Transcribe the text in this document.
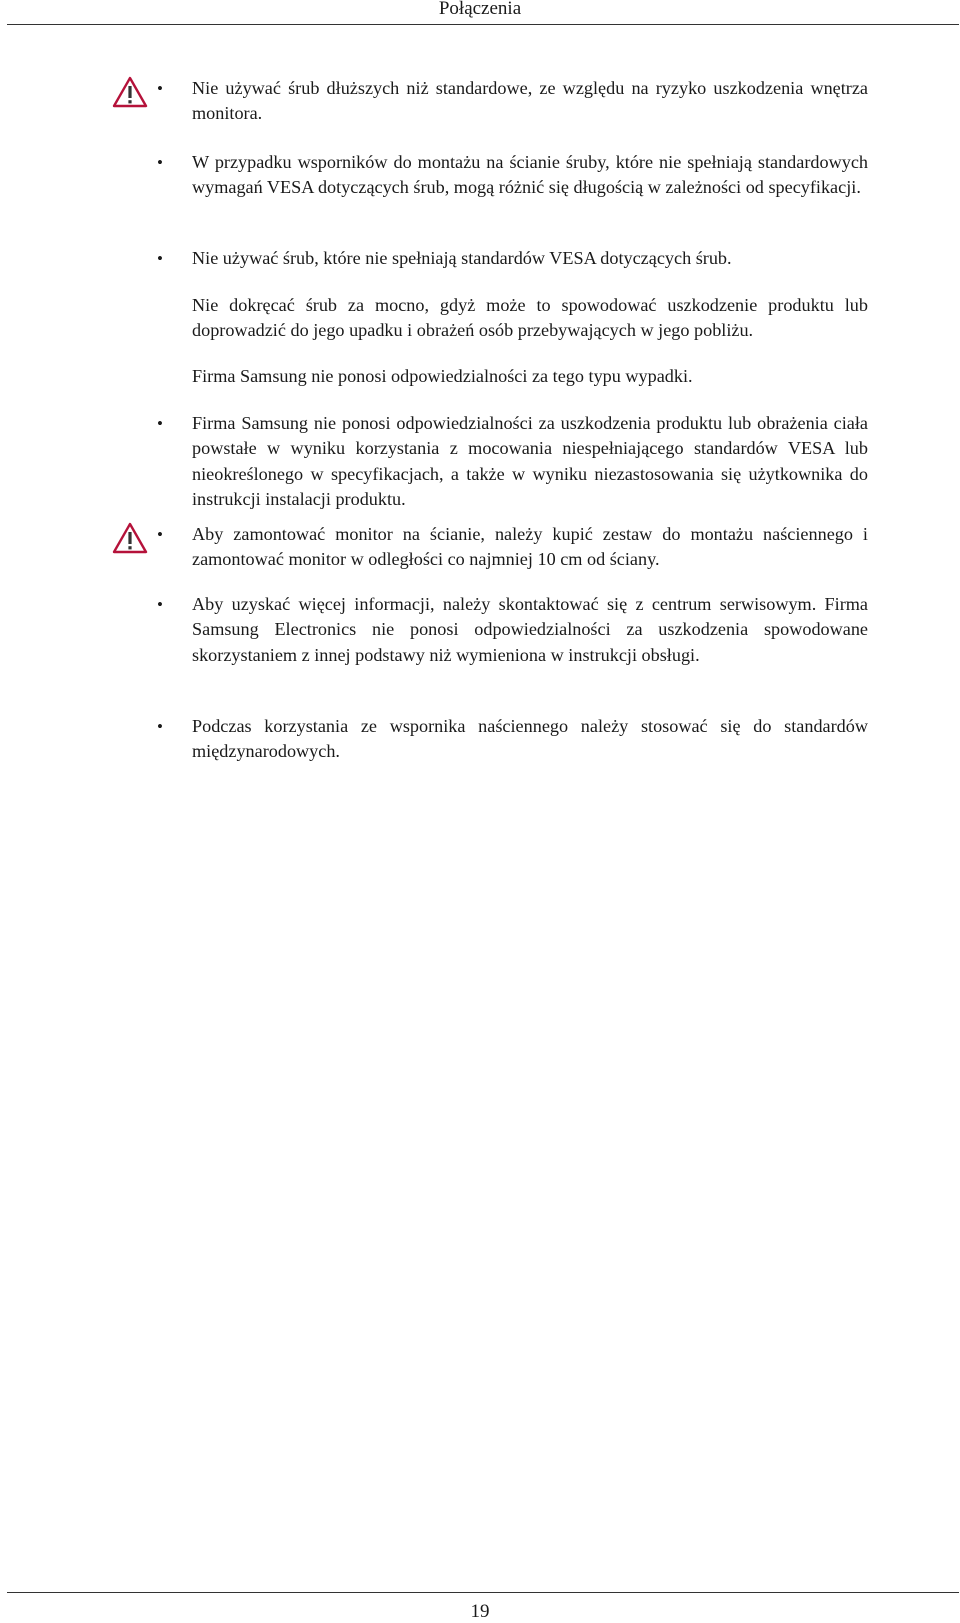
Połączenia
• Nie używać śrub dłuższych niż standardowe, ze względu na ryzyko uszkodzenia wnętrza monitora.
• W przypadku wsporników do montażu na ścianie śruby, które nie spełniają standardowych wymagań VESA dotyczących śrub, mogą różnić się długością w zależności od specyfikacji.
• Nie używać śrub, które nie spełniają standardów VESA dotyczących śrub.
Nie dokręcać śrub za mocno, gdyż może to spowodować uszkodzenie produktu lub doprowadzić do jego upadku i obrażeń osób przebywających w jego pobliżu.
Firma Samsung nie ponosi odpowiedzialności za tego typu wypadki.
• Firma Samsung nie ponosi odpowiedzialności za uszkodzenia produktu lub obrażenia ciała powstałe w wyniku korzystania z mocowania niespełniającego standardów VESA lub nieokreślonego w specyfikacjach, a także w wyniku niezastosowania się użytkownika do instrukcji instalacji produktu.
• Aby zamontować monitor na ścianie, należy kupić zestaw do montażu naściennego i zamontować monitor w odległości co najmniej 10 cm od ściany.
• Aby uzyskać więcej informacji, należy skontaktować się z centrum serwisowym. Firma Samsung Electronics nie ponosi odpowiedzialności za uszkodzenia spowodowane skorzystaniem z innej podstawy niż wymieniona w instrukcji obsługi.
• Podczas korzystania ze wspornika naściennego należy stosować się do standardów międzynarodowych.
19
